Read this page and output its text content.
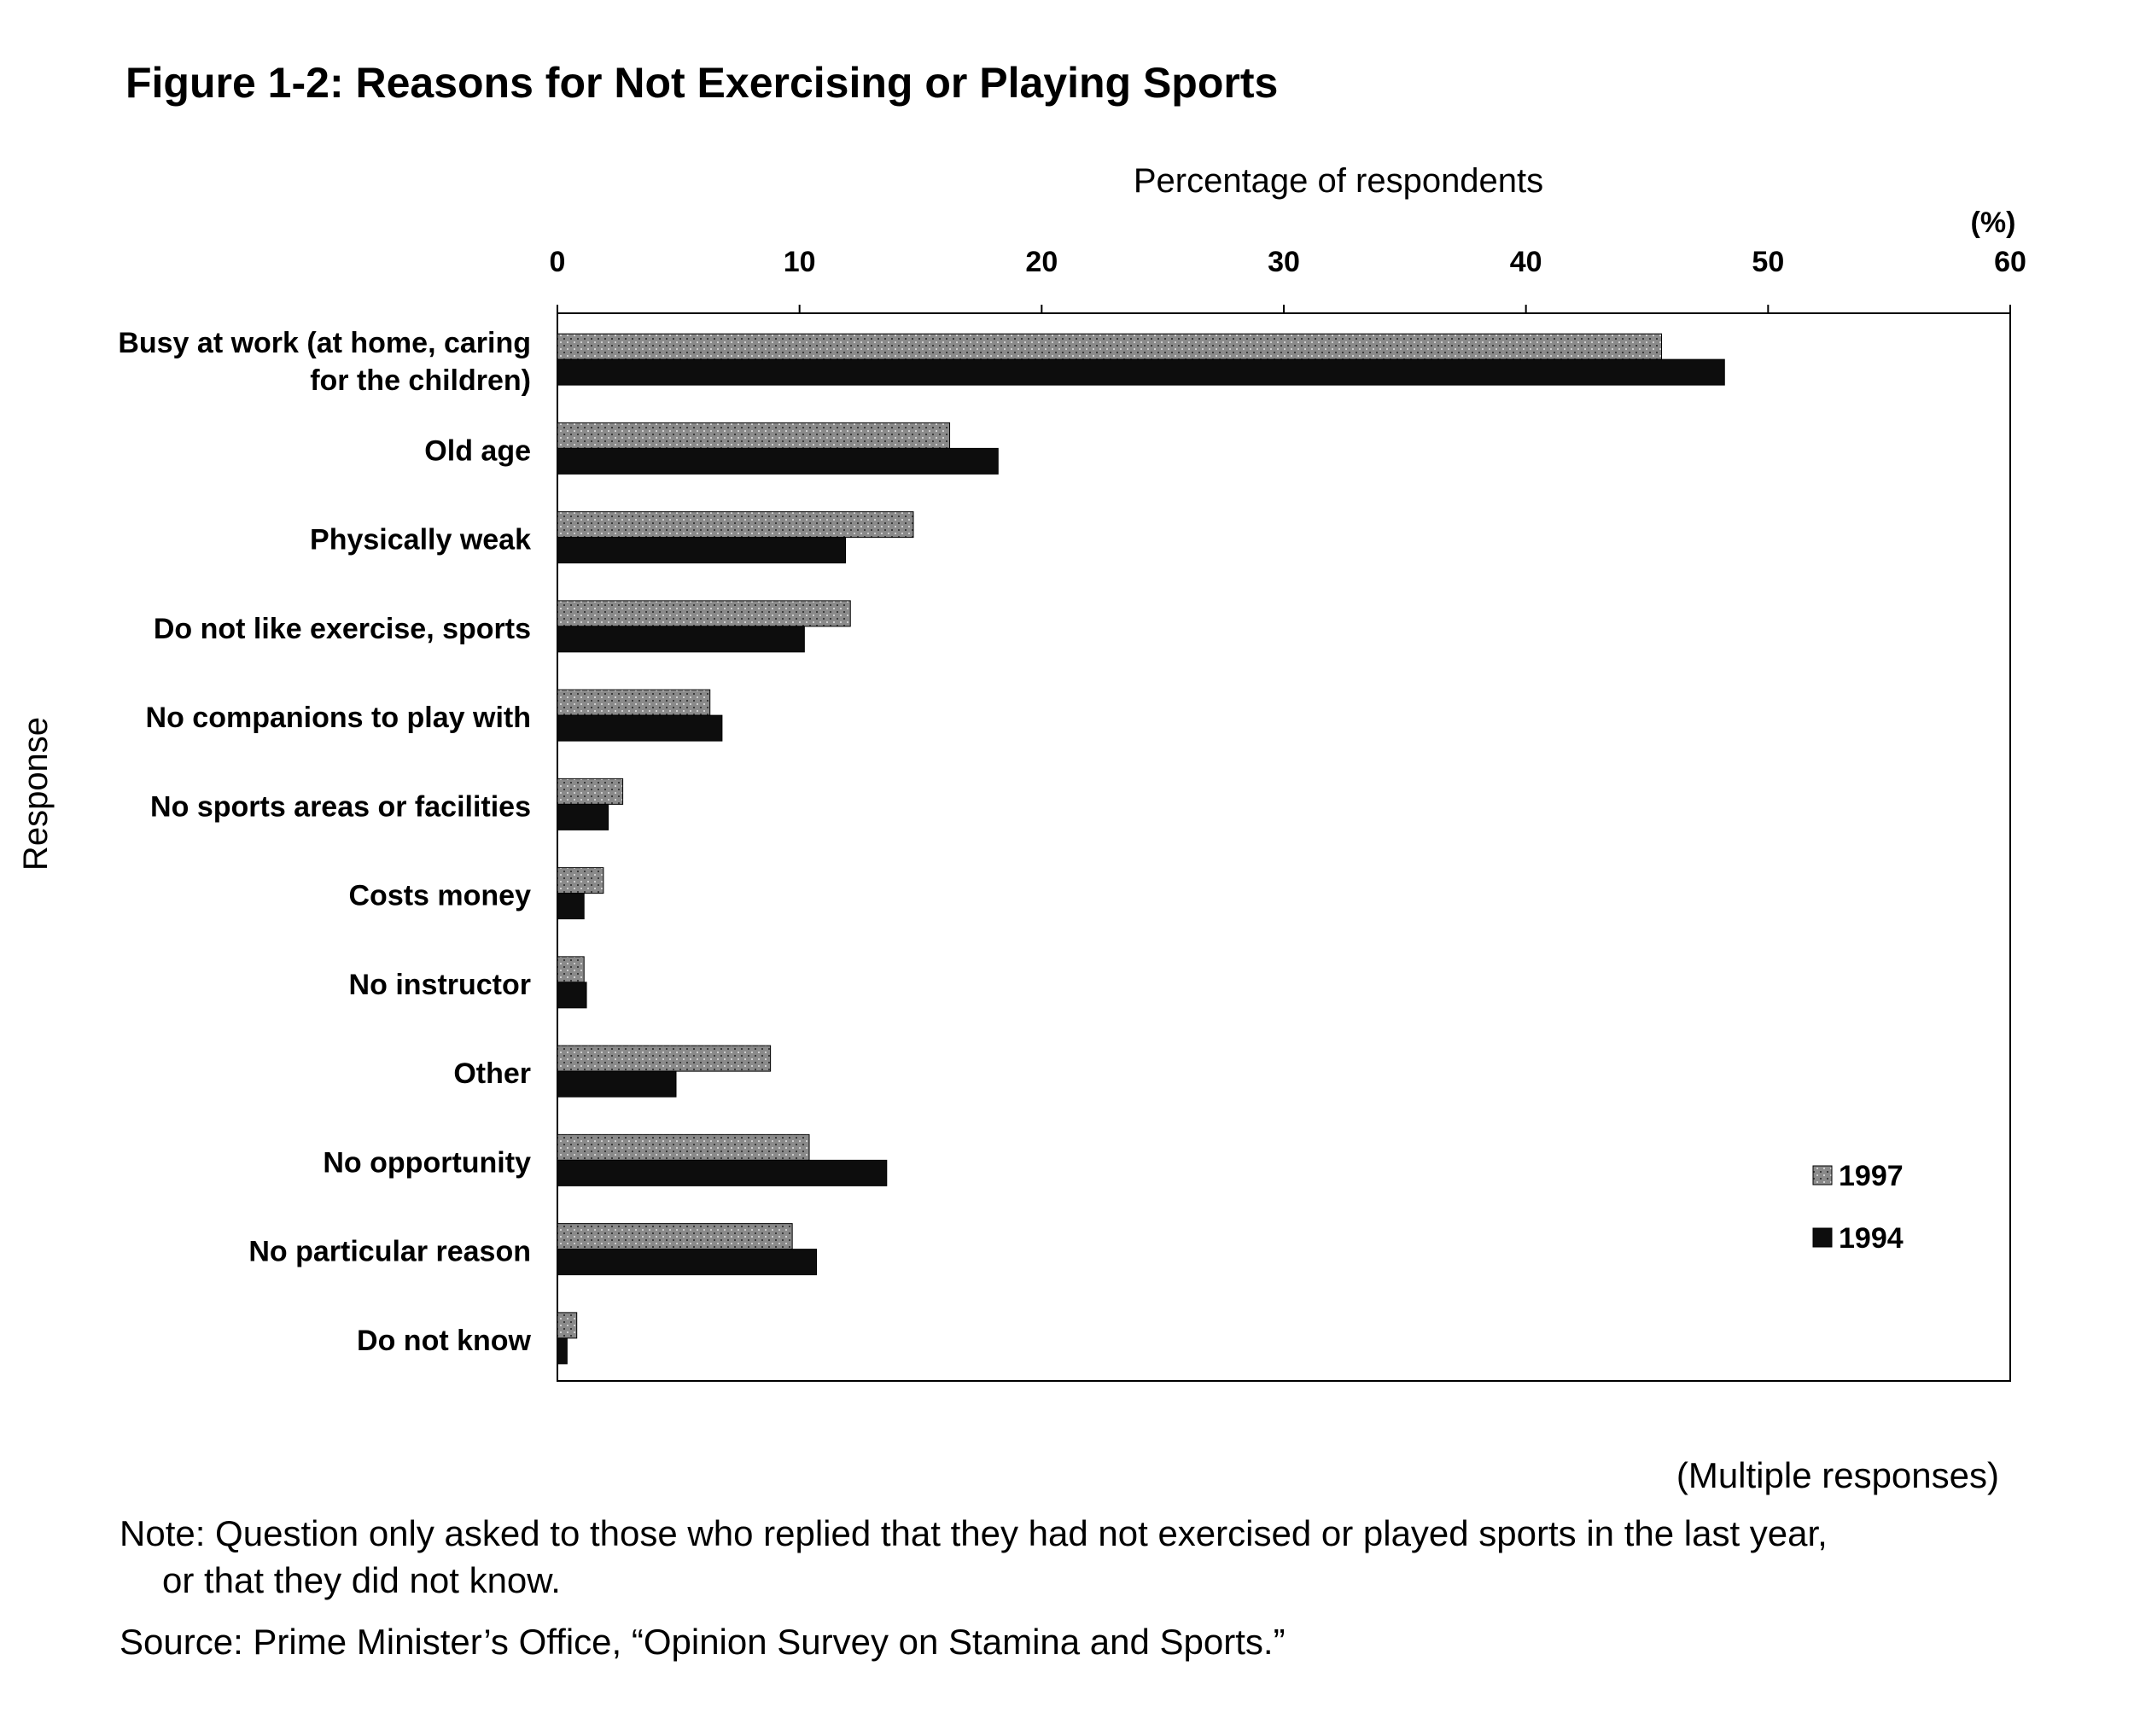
Figure 1-2: Reasons for Not Exercising or Playing Sports
0	10	20	30	40	50	60
Percentage of respondents
(%)
Response
Busy at work (at home, caring
for the children)
Old age
Physically weak
Do not like exercise, sports
No companions to play with
No sports areas or facilities
Costs money
No instructor
Other
No opportunity
No particular reason
Do not know
1997
1994
(Multiple responses)
Note: Question only asked to those who replied that they had not exercised or played sports in the last year,
or that they did not know.
Source: Prime Minister’s Office, “Opinion Survey on Stamina and Sports.”
